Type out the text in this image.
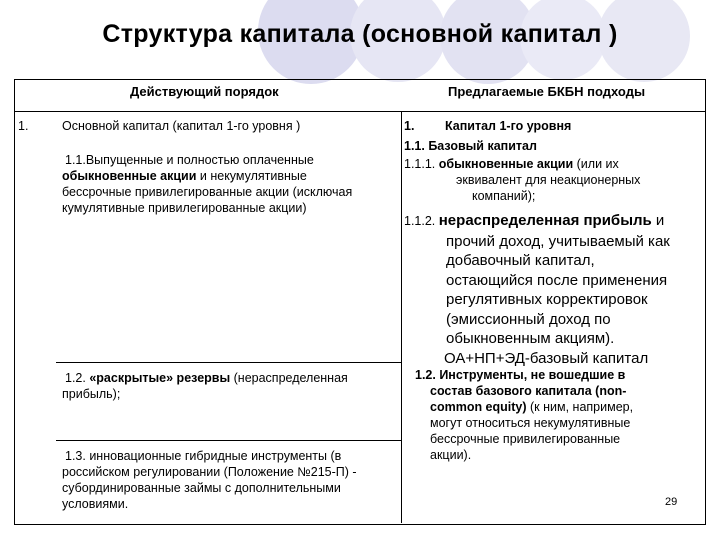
Структура капитала (основной капитал )
Действующий порядок	Предлагаемые БКБН подходы
1.	Основной капитал (капитал 1-го уровня )
1.1.Выпущенные и полностью оплаченные
обыкновенные акции и некумулятивные
бессрочные привилегированные акции (исключая
кумулятивные привилегированные акции)
1.2. «раскрытые» резервы (нераспределенная
прибыль);
1.3. инновационные гибридные инструменты (в
российском регулировании (Положение №215-П) -
субординированные займы с дополнительными
условиями.
1. Капитал 1-го уровня
1.1. Базовый капитал
1.1.1. обыкновенные акции (или их
эквивалент для неакционерных
компаний);
1.1.2. нераспределенная прибыль и
прочий доход, учитываемый как
добавочный капитал,
остающийся после применения
регулятивных корректировок
(эмиссионный доход по
обыкновенным акциям).
ОА+НП+ЭД-базовый капитал
1.2. Инструменты, не вошедшие в
состав базового капитала (non-
common equity) (к ним, например,
могут относиться некумулятивные
бессрочные привилегированные
акции).
29
